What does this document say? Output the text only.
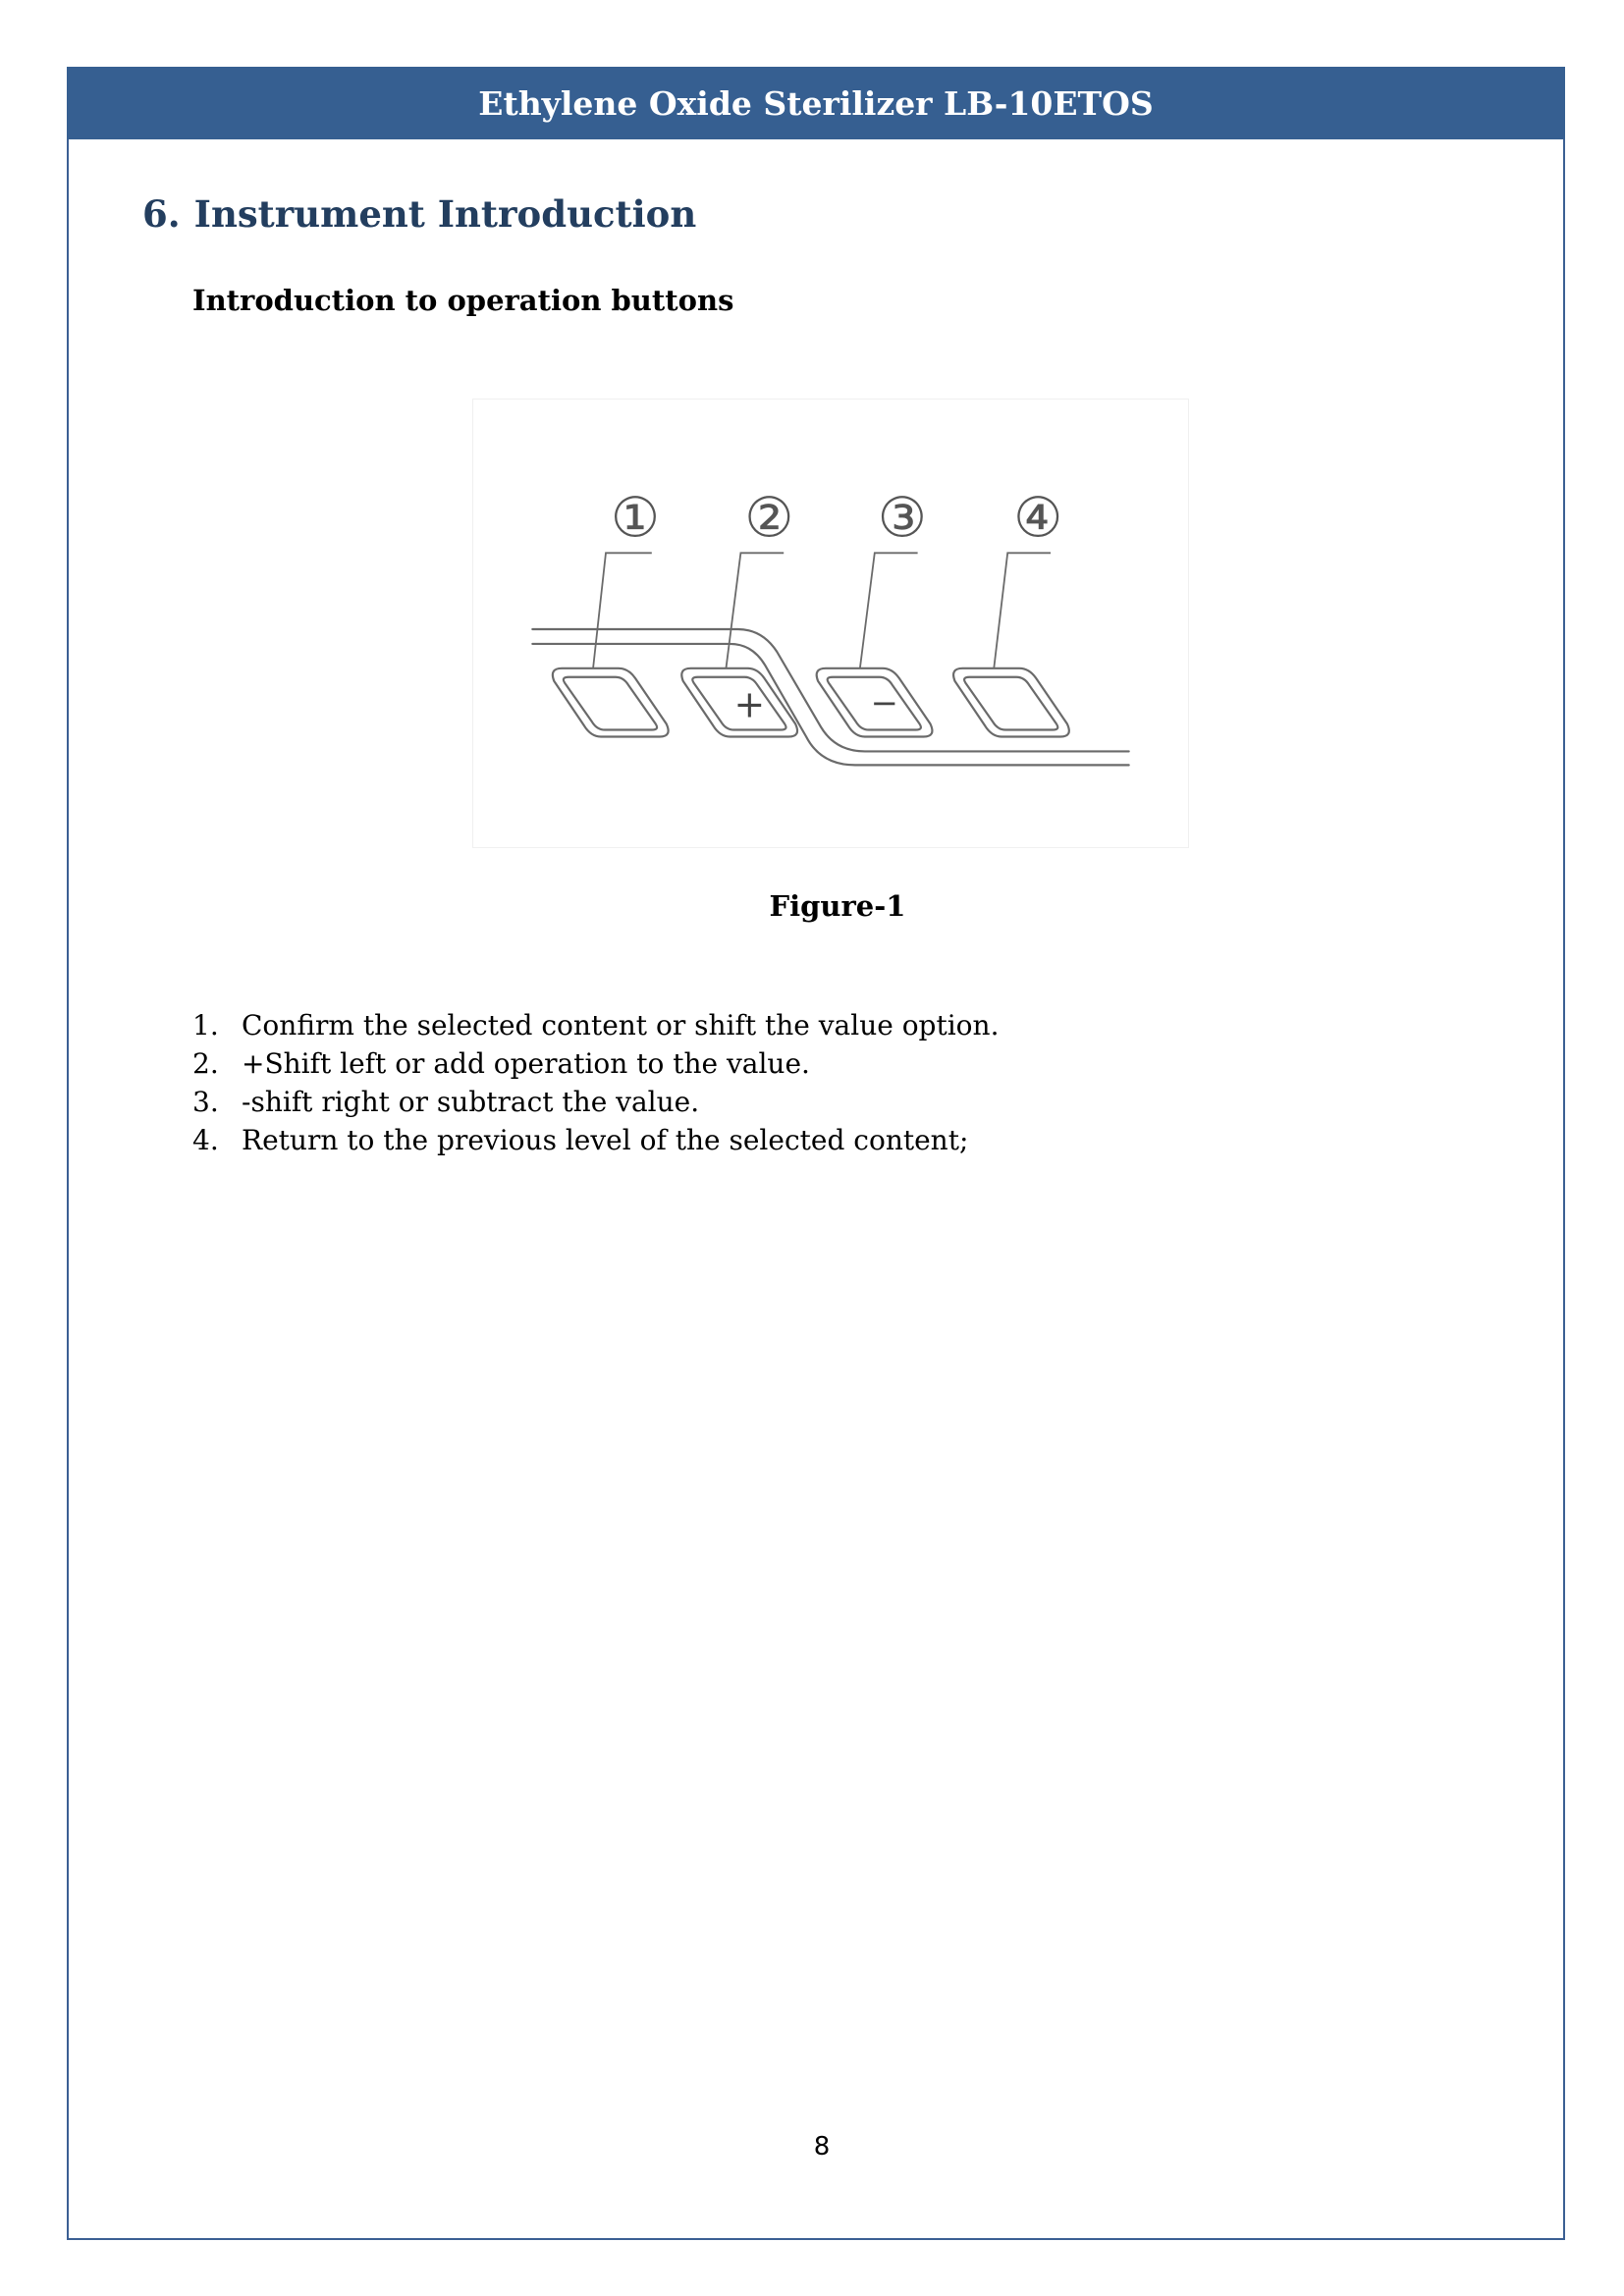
Ethylene Oxide Sterilizer LB-10ETOS
6. Instrument Introduction
Introduction to operation buttons
+	−
① ② ③ ④
Figure-1
1. Confirm the selected content or shift the value option.
2. +Shift left or add operation to the value.
3. -shift right or subtract the value.
4. Return to the previous level of the selected content;
8
